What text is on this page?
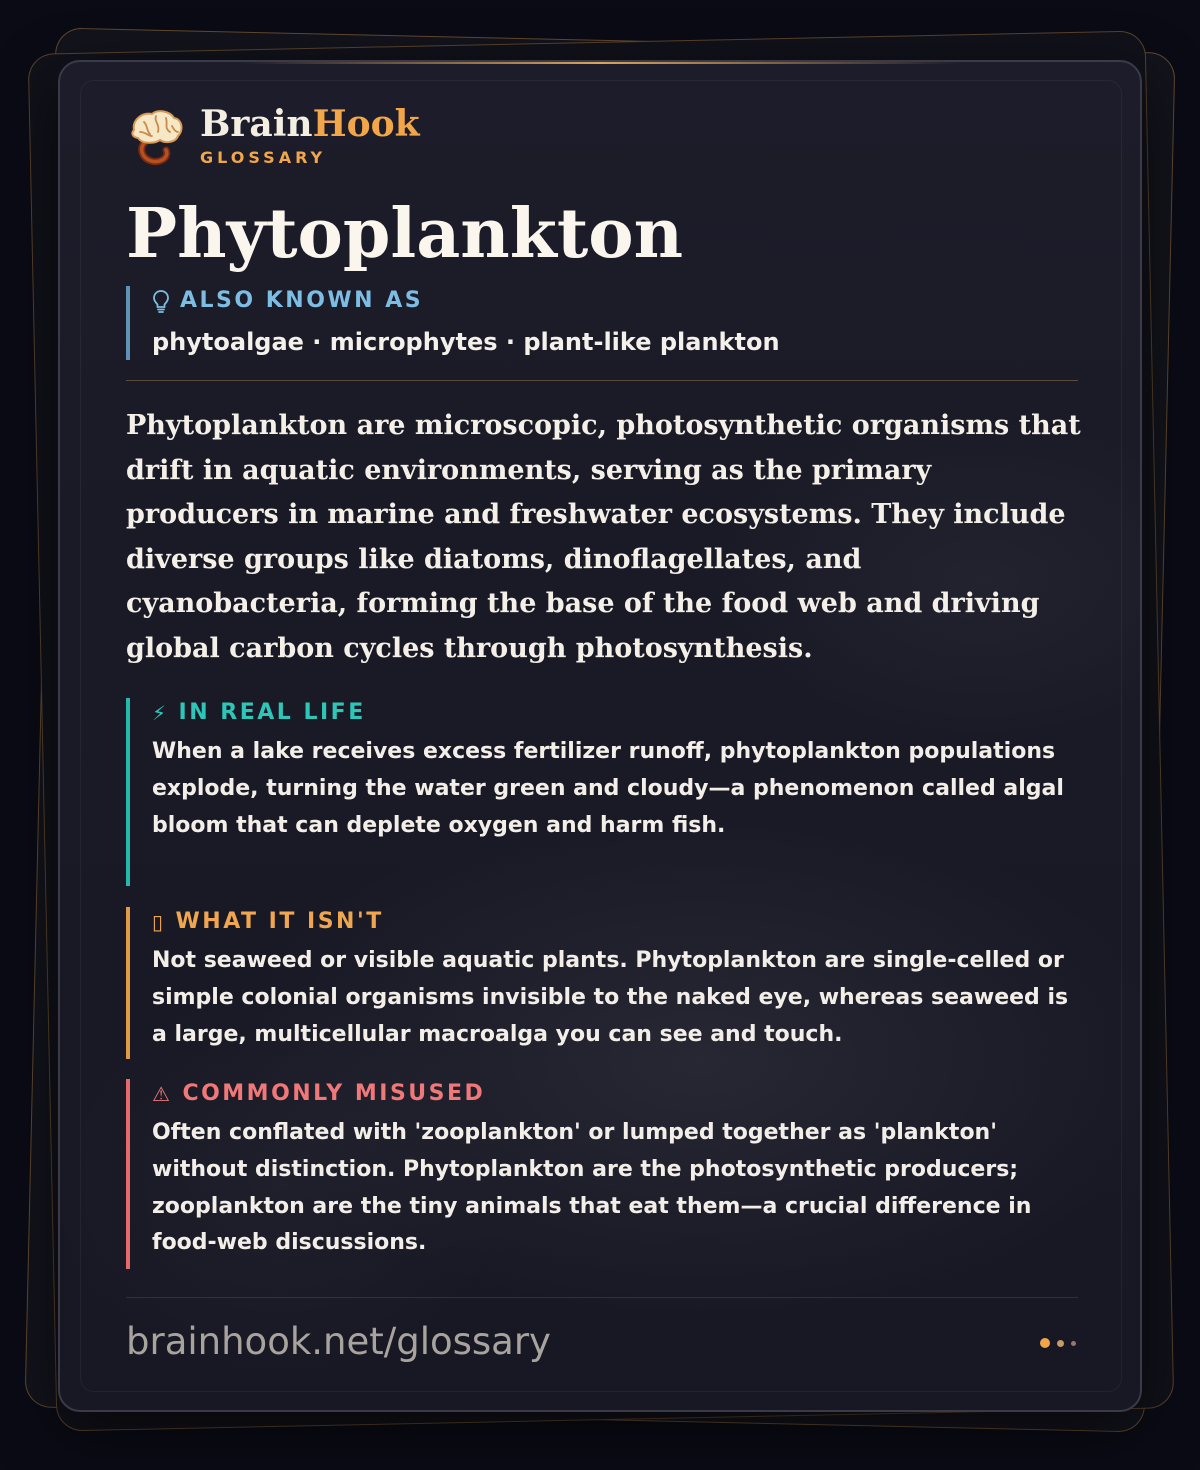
BrainHook
GLOSSARY
Phytoplankton
ALSO KNOWN AS
phytoalgae · microphytes · plant-like plankton

Phytoplankton are microscopic, photosynthetic organisms that drift in aquatic environments, serving as the primary producers in marine and freshwater ecosystems. They include diverse groups like diatoms, dinoflagellates, and cyanobacteria, forming the base of the food web and driving global carbon cycles through photosynthesis.

⚡ IN REAL LIFE
When a lake receives excess fertilizer runoff, phytoplankton populations explode, turning the water green and cloudy—a phenomenon called algal bloom that can deplete oxygen and harm fish.
▯ WHAT IT ISN'T
Not seaweed or visible aquatic plants. Phytoplankton are single-celled or simple colonial organisms invisible to the naked eye, whereas seaweed is a large, multicellular macroalga you can see and touch.
⚠ COMMONLY MISUSED
Often conflated with 'zooplankton' or lumped together as 'plankton' without distinction. Phytoplankton are the photosynthetic producers; zooplankton are the tiny animals that eat them—a crucial difference in food-web discussions.
brainhook.net/glossary
